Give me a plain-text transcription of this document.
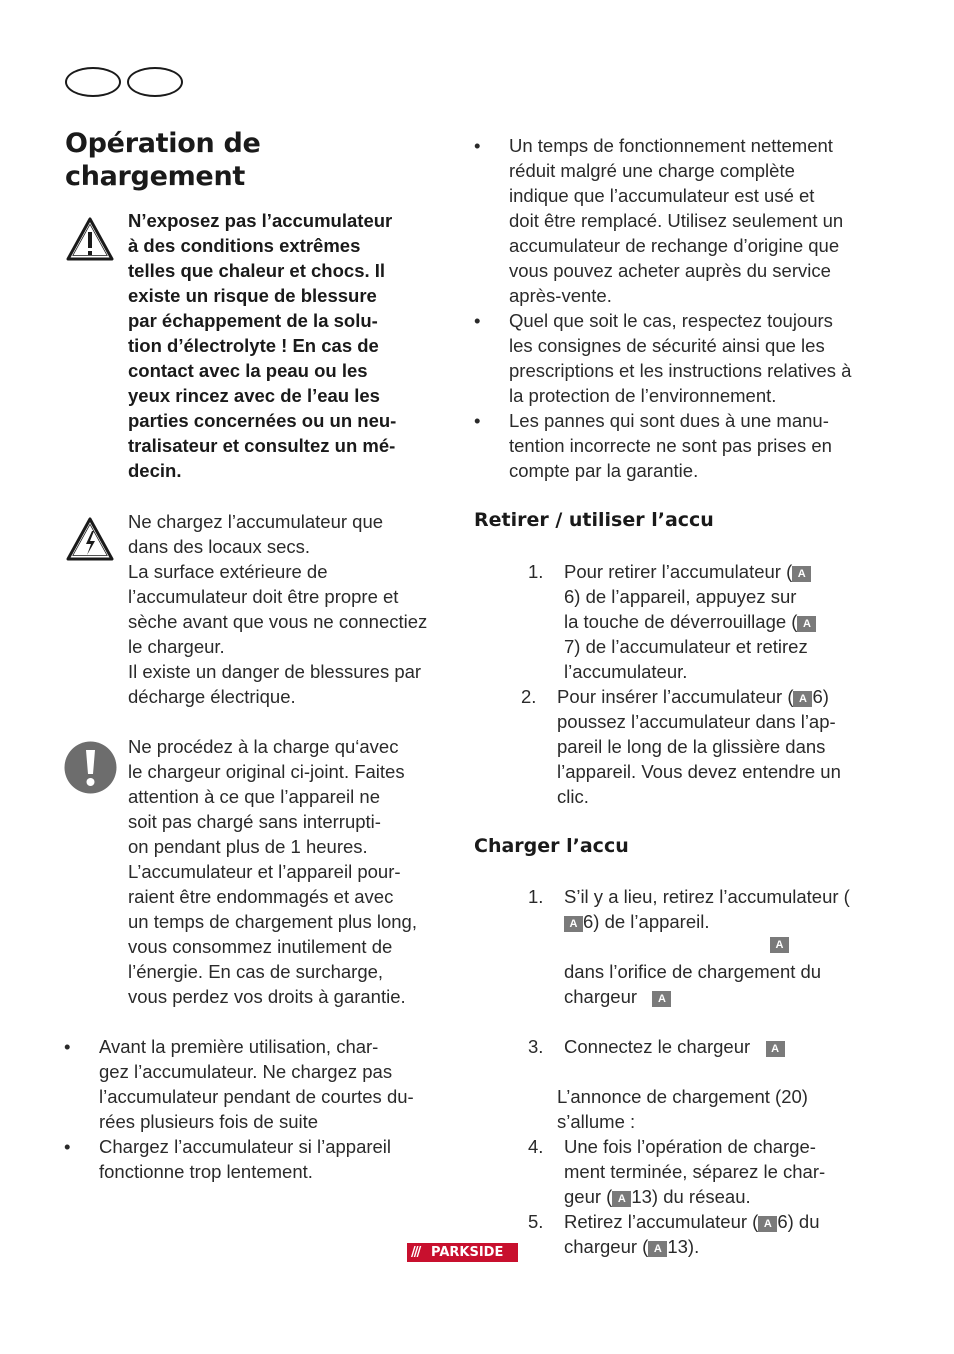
Opération de
chargement
N’exposez pas l’accumulateur
à des conditions extrêmes
telles que chaleur et chocs. Il
existe un risque de blessure
par échappement de la solu-
tion d’électrolyte ! En cas de
contact avec la peau ou les
yeux rincez avec de l’eau les
parties concernées ou un neu-
tralisateur et consultez un mé-
decin.
Ne chargez l’accumulateur que
dans des locaux secs.
La surface extérieure de
l’accumulateur doit être propre et
sèche avant que vous ne connectiez
le chargeur.
Il existe un danger de blessures par
décharge électrique.
Ne procédez à la charge qu‘avec
le chargeur original ci-joint. Faites
attention à ce que l’appareil ne
soit pas chargé sans interrupti-
on pendant plus de 1 heures.
L’accumulateur et l’appareil pour-
raient être endommagés et avec
un temps de chargement plus long,
vous consommez inutilement de
l’énergie. En cas de surcharge,
vous perdez vos droits à garantie.
• Avant la première utilisation, char-
gez l’accumulateur. Ne chargez pas
l’accumulateur pendant de courtes du-
rées plusieurs fois de suite
• Chargez l’accumulateur si l’appareil
fonctionne trop lentement.
• Un temps de fonctionnement nettement
réduit malgré une charge complète
indique que l’accumulateur est usé et
doit être remplacé. Utilisez seulement un
accumulateur de rechange d’origine que
vous pouvez acheter auprès du service
après-vente.
• Quel que soit le cas, respectez toujours
les consignes de sécurité ainsi que les
prescriptions et les instructions relatives à
la protection de l’environnement.
• Les pannes qui sont dues à une manu-
tention incorrecte ne sont pas prises en
compte par la garantie.
Retirer / utiliser l’accu
1. Pour retirer l’accumulateur ( A
6) de l’appareil, appuyez sur
la touche de déverrouillage ( A
7) de l’accumulateur et retirez
l’accumulateur.
2. Pour insérer l’accumulateur ( A 6)
poussez l’accumulateur dans l’ap-
pareil le long de la glissière dans
l’appareil. Vous devez entendre un
clic.
Charger l’accu
1. S’il y a lieu, retirez l’accumulateur (
A 6) de l’appareil.
A
dans l’orifice de chargement du
chargeur A
3. Connectez le chargeur A
L’annonce de chargement (20)
s’allume :
4. Une fois l’opération de charge-
ment terminée, séparez le char-
geur ( A 13) du réseau.
5. Retirez l’accumulateur ( A 6) du
chargeur ( A 13).
/// PARKSIDE
